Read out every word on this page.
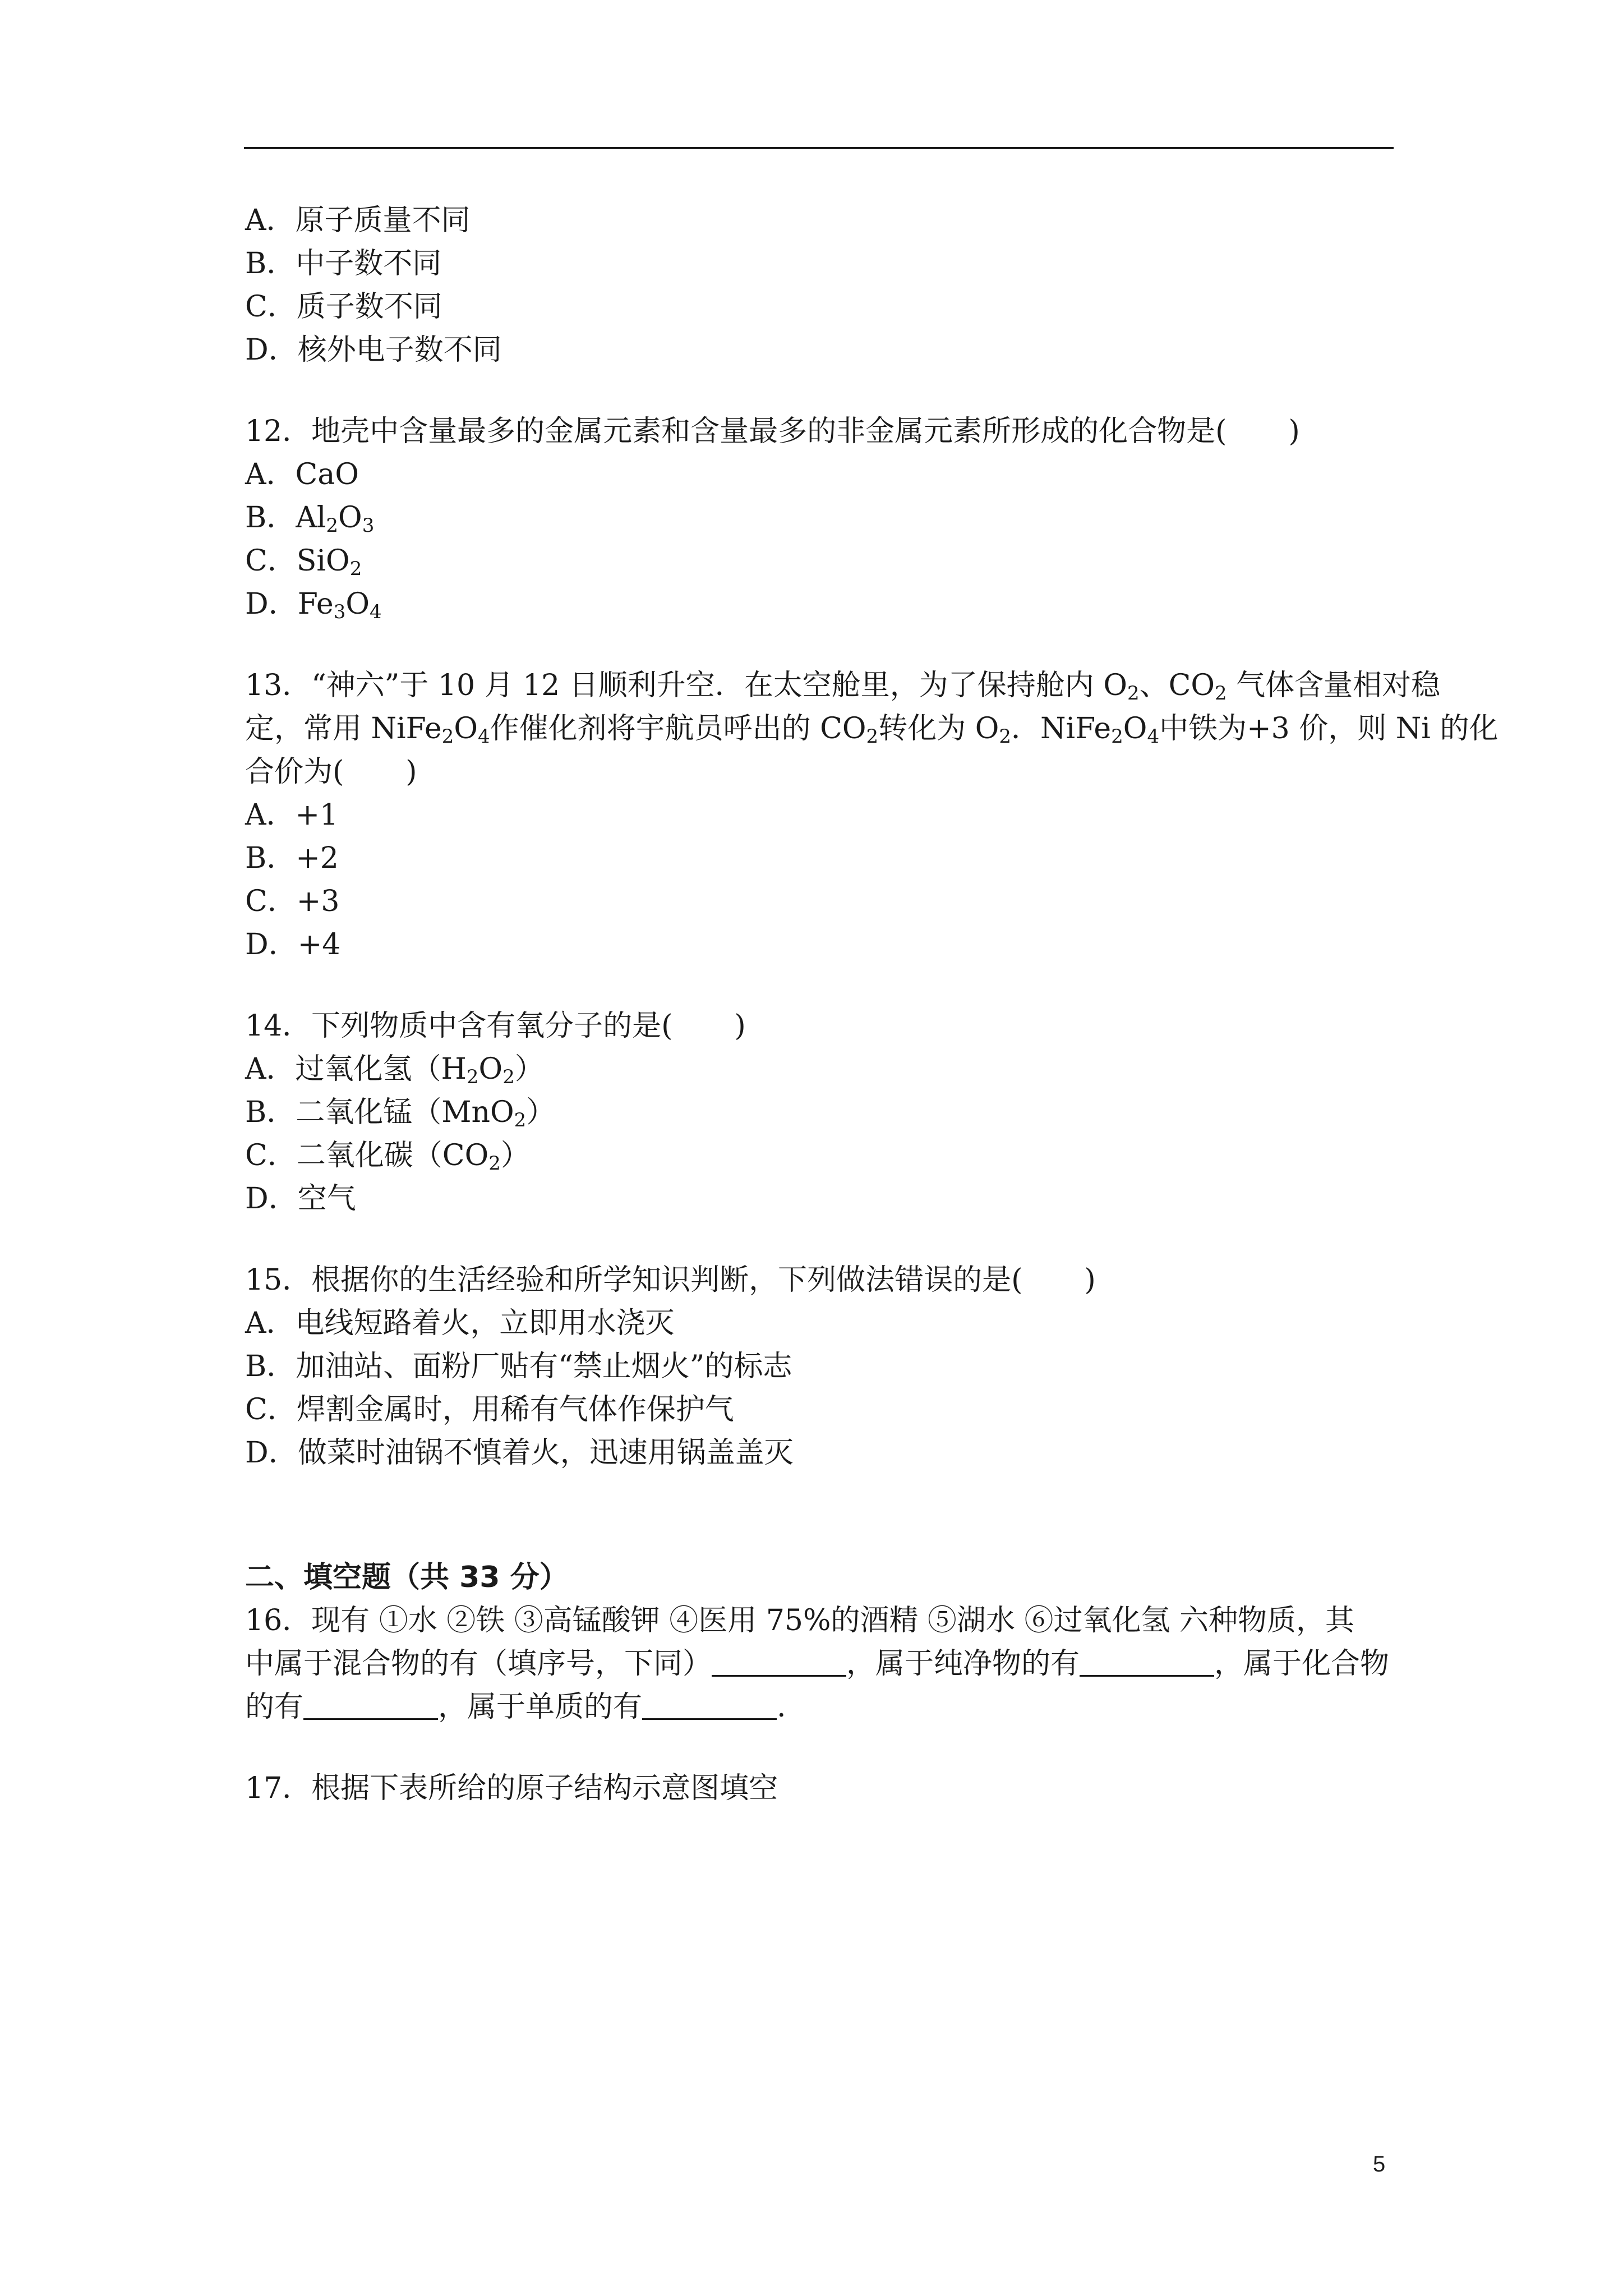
A．原子质量不同
B．中子数不同
C．质子数不同
D．核外电子数不同
12．地壳中含量最多的金属元素和含量最多的非金属元素所形成的化合物是( )
A．CaO
B．$Al_2O_3$
C．SiO$_2$
D．$Fe_3O_4$
13．“神六”于 10 月 12 日顺利升空．在太空舱里，为了保持舱内 $O_2$、$CO_2$ 气体含量相对稳
定，常用 $NiFe_2O_4$作催化剂将宇航员呼出的 $CO_2$转化为 $O_2$．$NiFe_2O_4$中铁为+3 价，则 Ni 的化
合价为( )
A．+1
B．+2
C．+3
D．+4
14．下列物质中含有氧分子的是( )
A．过氧化氢$(H_2O_2)$
B．二氧化锰（MnO$_2$）
C．二氧化碳$(CO_2)$
D．空气
15．根据你的生活经验和所学知识判断，下列做法错误的是( )
A．电线短路着火，立即用水浇灭
B．加油站、面粉厂贴有“禁止烟火”的标志
C．焊割金属时，用稀有气体作保护气
D．做菜时油锅不慎着火，迅速用锅盖盖灭
二、填空题（共 33 分）
16．现有 ①水 ②铁 ③高锰酸钾 ④医用 75%的酒精 ⑤湖水 ⑥过氧化氢 六种物质，其
中属于混合物的有（填序号，下同）	，属于纯净物的有	，属于化合物
的有	，属于单质的有	.
17．根据下表所给的原子结构示意图填空
5
